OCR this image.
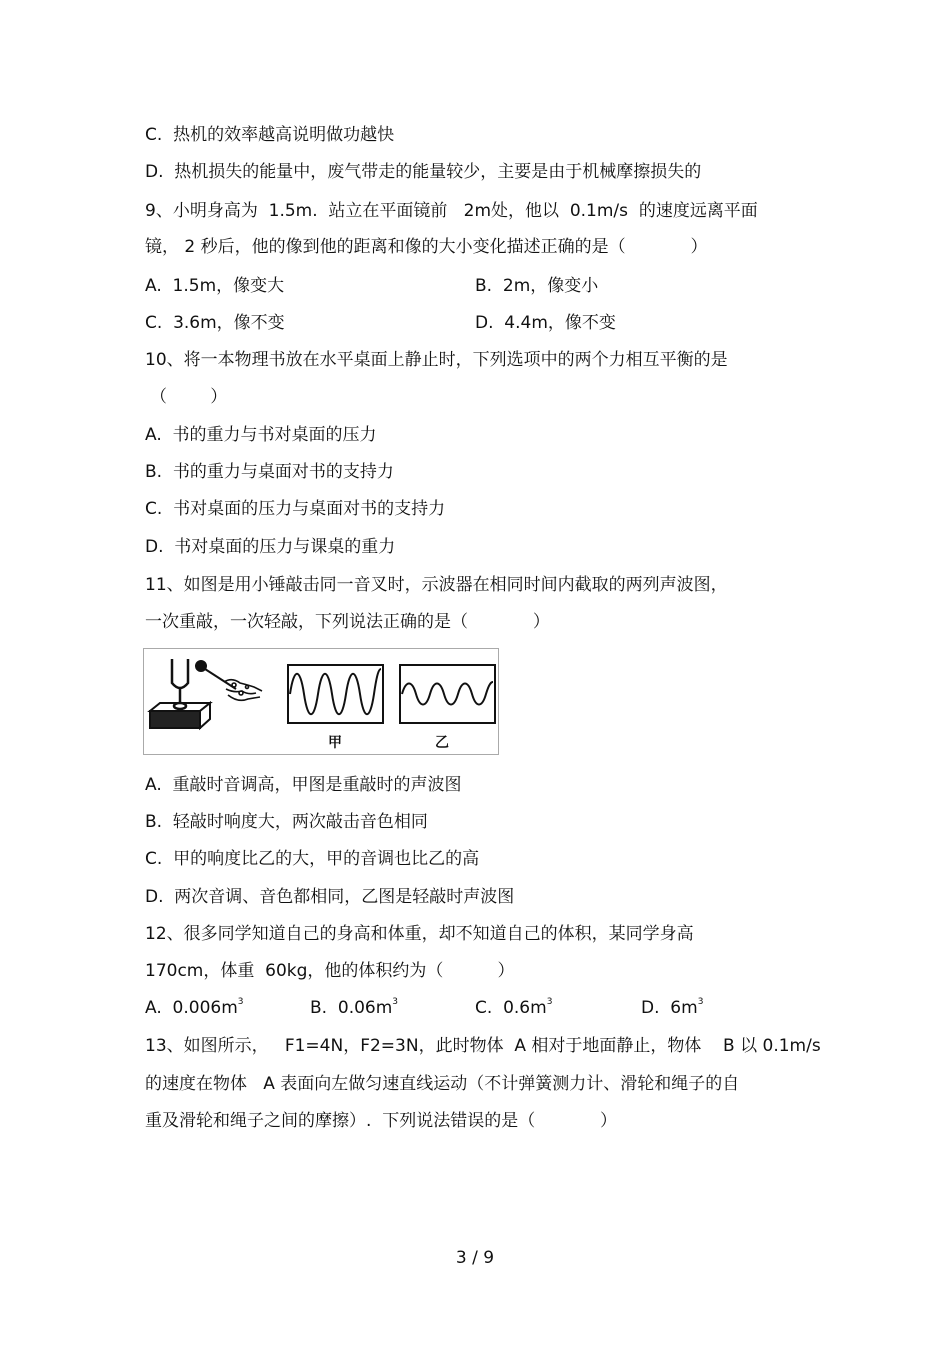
C.  热机的效率越高说明做功越快
D.  热机损失的能量中，废气带走的能量较少，主要是由于机械摩擦损失的
9、小明身高为  1.5m.  站立在平面镜前   2m处，他以  0.1m/s  的速度远离平面
镜， 2 秒后，他的像到他的距离和像的大小变化描述正确的是（            ）
A.  1.5m，像变大	B.  2m，像变小
C.  3.6m，像不变	D.  4.4m，像不变
10、将一本物理书放在水平桌面上静止时，下列选项中的两个力相互平衡的是
（        ）
A.  书的重力与书对桌面的压力
B.  书的重力与桌面对书的支持力
C.  书对桌面的压力与桌面对书的支持力
D.  书对桌面的压力与课桌的重力
11、如图是用小锤敲击同一音叉时，示波器在相同时间内截取的两列声波图，
一次重敲，一次轻敲，下列说法正确的是（            ）
甲	乙
A.  重敲时音调高，甲图是重敲时的声波图
B.  轻敲时响度大，两次敲击音色相同
C.  甲的响度比乙的大，甲的音调也比乙的高
D.  两次音调、音色都相同，乙图是轻敲时声波图
12、很多同学知道自己的身高和体重，却不知道自己的体积，某同学身高
170cm，体重  60kg，他的体积约为（          ）
A.  $0.006m^3$	B.  $0.06m^3$	C.  $0.6m^3$	D.  $6m^3$
13、如图所示，   F1=4N，F2=3N，此时物体  A 相对于地面静止，物体    B 以 0.1m/s
的速度在物体   A 表面向左做匀速直线运动（不计弹簧测力计、滑轮和绳子的自
重及滑轮和绳子之间的摩擦）.  下列说法错误的是（            ）
3 / 9
